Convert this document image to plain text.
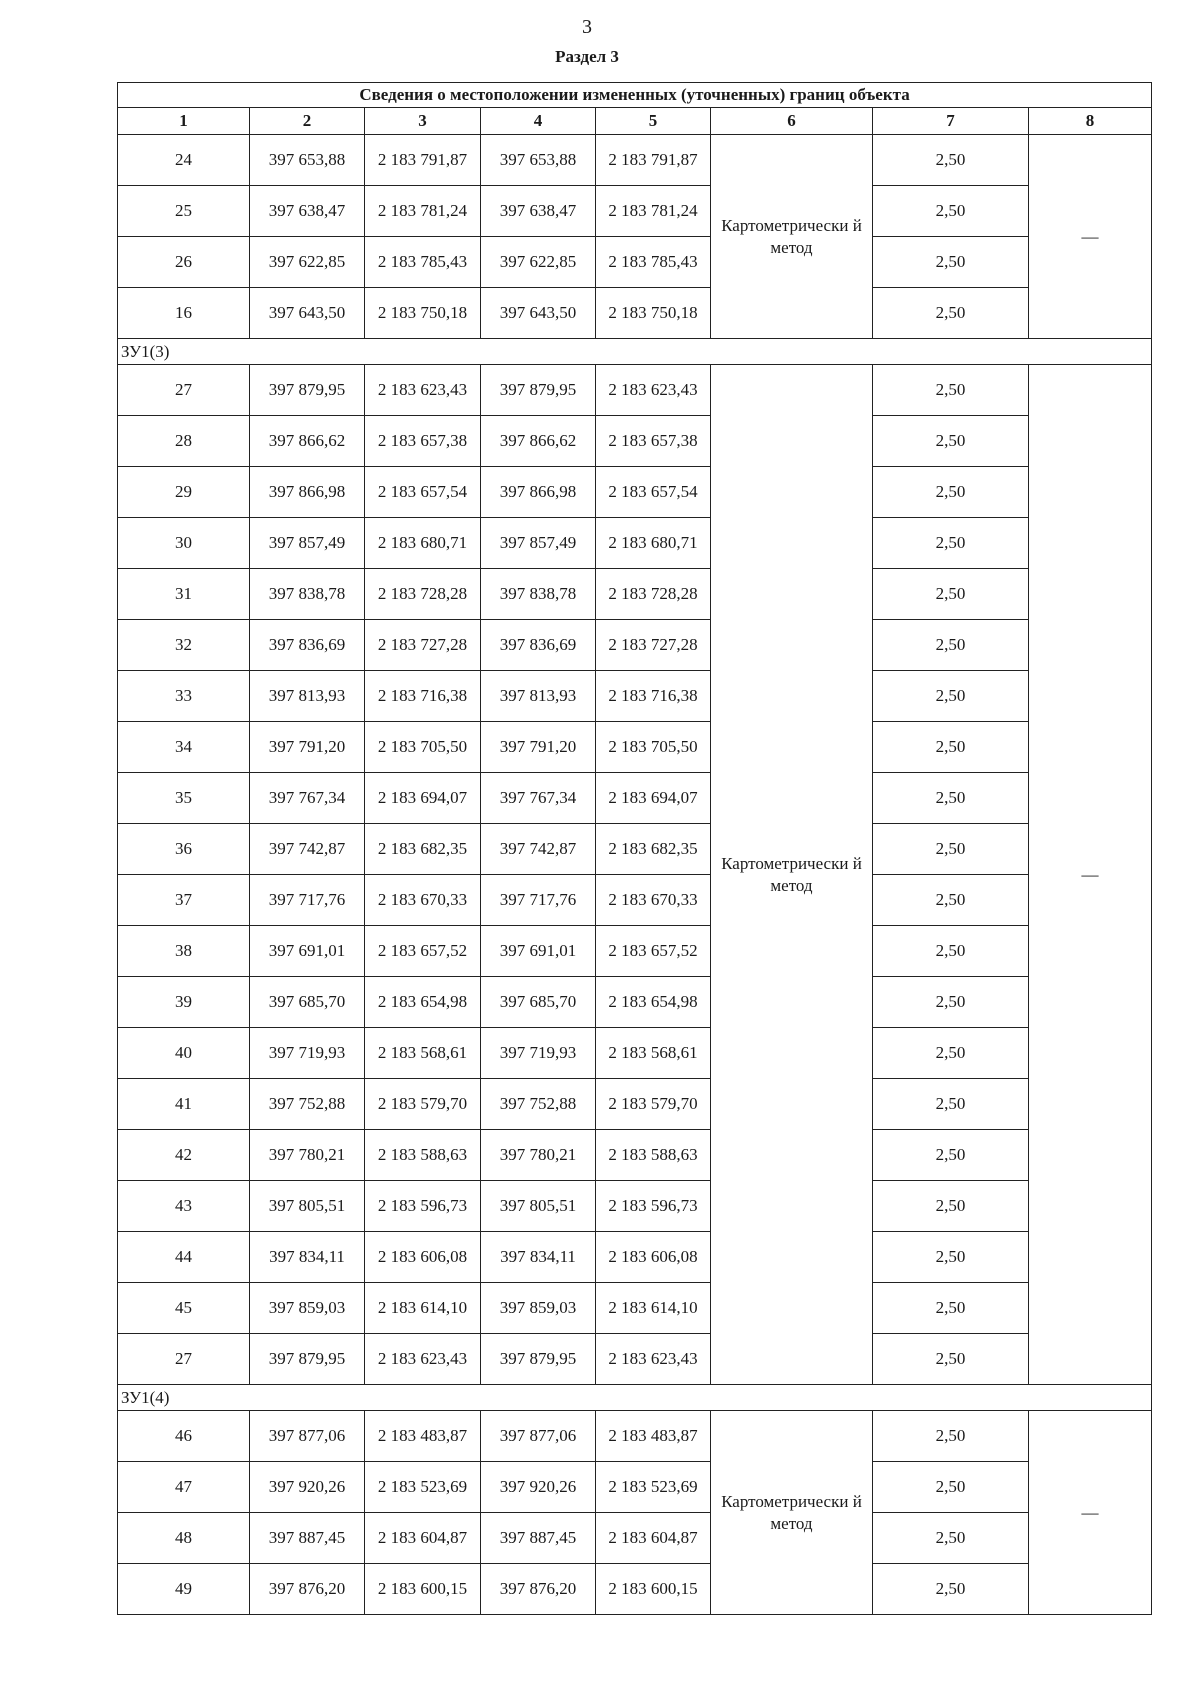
3
Раздел 3
Сведения о местоположении измененных (уточненных) границ объекта							
1	2	3	4	5	6	7	8
24	397 653,88	2 183 791,87	397 653,88	2 183 791,87	Картометрически й метод	2,50	—
25	397 638,47	2 183 781,24	397 638,47	2 183 781,24		2,50	
26	397 622,85	2 183 785,43	397 622,85	2 183 785,43		2,50	
16	397 643,50	2 183 750,18	397 643,50	2 183 750,18		2,50	
ЗУ1(3)							
27	397 879,95	2 183 623,43	397 879,95	2 183 623,43	Картометрически й метод	2,50	—
28	397 866,62	2 183 657,38	397 866,62	2 183 657,38		2,50	
29	397 866,98	2 183 657,54	397 866,98	2 183 657,54		2,50	
30	397 857,49	2 183 680,71	397 857,49	2 183 680,71		2,50	
31	397 838,78	2 183 728,28	397 838,78	2 183 728,28		2,50	
32	397 836,69	2 183 727,28	397 836,69	2 183 727,28		2,50	
33	397 813,93	2 183 716,38	397 813,93	2 183 716,38		2,50	
34	397 791,20	2 183 705,50	397 791,20	2 183 705,50		2,50	
35	397 767,34	2 183 694,07	397 767,34	2 183 694,07		2,50	
36	397 742,87	2 183 682,35	397 742,87	2 183 682,35		2,50	
37	397 717,76	2 183 670,33	397 717,76	2 183 670,33		2,50	
38	397 691,01	2 183 657,52	397 691,01	2 183 657,52		2,50	
39	397 685,70	2 183 654,98	397 685,70	2 183 654,98		2,50	
40	397 719,93	2 183 568,61	397 719,93	2 183 568,61		2,50	
41	397 752,88	2 183 579,70	397 752,88	2 183 579,70		2,50	
42	397 780,21	2 183 588,63	397 780,21	2 183 588,63		2,50	
43	397 805,51	2 183 596,73	397 805,51	2 183 596,73		2,50	
44	397 834,11	2 183 606,08	397 834,11	2 183 606,08		2,50	
45	397 859,03	2 183 614,10	397 859,03	2 183 614,10		2,50	
27	397 879,95	2 183 623,43	397 879,95	2 183 623,43		2,50	
ЗУ1(4)							
46	397 877,06	2 183 483,87	397 877,06	2 183 483,87	Картометрически й метод	2,50	—
47	397 920,26	2 183 523,69	397 920,26	2 183 523,69		2,50	
48	397 887,45	2 183 604,87	397 887,45	2 183 604,87		2,50	
49	397 876,20	2 183 600,15	397 876,20	2 183 600,15		2,50	
